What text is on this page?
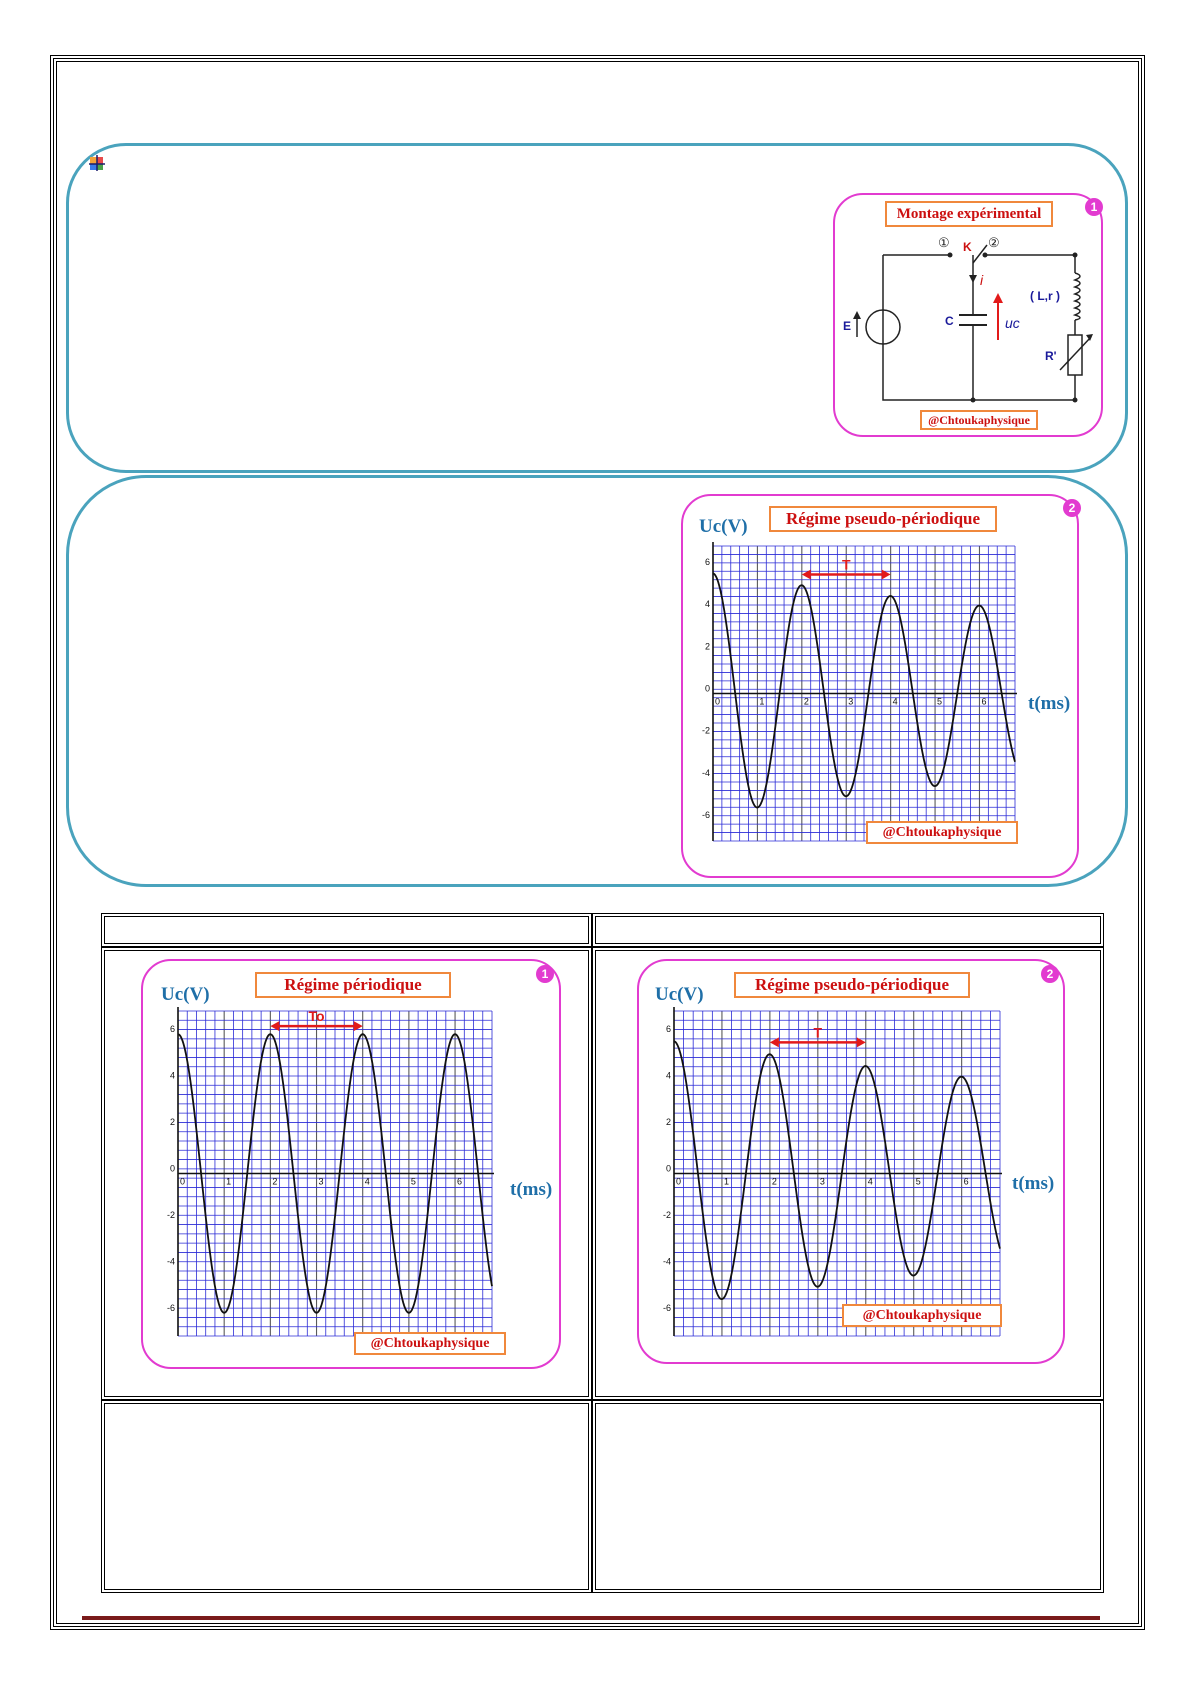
1
Montage expérimental
①	②
K
i
C	uc
E
( L,r )
R'
@Chtoukaphysique
2
Régime pseudo-périodique
Uc(V)
t(ms)
0	1	2	3	4	5	6
6
4
2
0
-2
-4
-6
T
@Chtoukaphysique
1
Régime périodique
Uc(V)
t(ms)
0	1	2	3	4	5	6
6
4
2
0
-2
-4
-6
To
@Chtoukaphysique
2
Régime pseudo-périodique
Uc(V)
t(ms)
0	1	2	3	4	5	6
6
4
2
0
-2
-4
-6
T
@Chtoukaphysique
